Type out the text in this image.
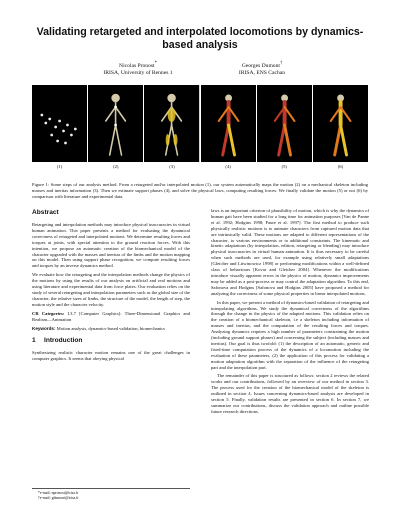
Validating retargeted and interpolated locomotions by dynamics-based analysis
Nicolas Pronost*
IRISA, University of Rennes 1
Georges Dumont†
IRISA, ENS Cachan
(1)	(2)	(3)	(4)	(5)	(6)
Figure 1: Some steps of our analysis method. From a retargeted and/or interpolated motion (1), our system automatically maps the motion (2) on a mechanical skeleton including masses and inertias information (3). Then we estimate support phases (4), and solve the physical laws, computing resulting forces. We finally validate the motion (5) or not (6) by comparison with literature and experimental data.
Abstract

Retargeting and interpolation methods may introduce physical inaccuracies in virtual human animation. This paper presents a method for evaluating the dynamical correctness of retargeted and interpolated motions. We determine resulting forces and torques at joints, with special attention to the ground reaction forces. With this intention, we propose an automatic creation of the biomechanical model of the character upgraded with the masses and inertias of the limbs and the motion mapping on this model. Then using support phase recognition, we compute resulting forces and torques by an inverse dynamics method.

We evaluate how the retargeting and the interpolation methods change the physics of the motions by using the results of our analysis on artificial and real motions and using literature and experimental data from force plates. Our evaluation relies on the study of several retargeting and interpolation parameters such as the global size of the character, the relative sizes of limbs, the structure of the model, the length of step, the motion style and the character velocity.

CR Categories: I.3.7 [Computer Graphics]: Three-Dimensional Graphics and Realism—Animation

Keywords: Motion analysis, dynamics-based validation, biomechanics

1 Introduction

Synthesizing realistic character motion remains one of the great challenges in computer graphics. It seems that obeying physical

*e-mail: npronost@irisa.fr
†e-mail: gdumont@irisa.fr

laws is an important criterion of plausibility of motion, which is why the dynamics of human gait have been studied for a long time for animation purposes [Van de Panne et al. 1992; Hodgins 1998; Faure et al. 1997]. The first method to produce such physically realistic motions is to animate characters from captured motion data that are intrinsically valid. These motions are adapted to different representations of the character, to various environments or to additional constraints. The kinematic and kinetic adaptations (by interpolation, edition, retargeting or blending) may introduce physical inaccuracies in virtual human animation. It is thus necessary to be careful when such methods are used, for example using relatively small adaptations [Gleicher and Litwinowicz 1998] or performing modifications within a well-defined class of behaviours [Kovar and Gleicher 2004]. Whenever the modifications introduce visually apparent errors in the physics of motion, dynamics improvements may be added as a post-process or may control the adaptation algorithm. To this end, Safonova and Hodgins [Safonova and Hodgins 2005] have proposed a method for analyzing the correctness of some physical properties in linear interpolated motions.

In this paper, we present a method of dynamics-based validation of retargeting and interpolating algorithms. We study the dynamical correctness of the algorithms through the change in the physics of the adapted motions. This validation relies on the creation of a biomechanical skeleton, i.e a skeleton including information of masses and inertias, and the computation of the resulting forces and torques. Analyzing dynamics requires a high number of parameters constraining the motion (including ground support phases) and concerning the subject (including masses and inertias). Our goal is thus twofold: (1) the description of an automatic, generic and fixed-time computation process of the dynamics of a locomotion including the evaluation of these parameters, (2) the application of this process for validating a motion adaptation algorithm with the separation of the influence of the retargeting part and the interpolation part.

The remainder of this paper is structured as follows: section 2 reviews the related works and our contributions, followed by an overview of our method in section 3. The process used for the creation of the biomechanical model of the skeleton is outlined in section 4. Issues concerning dynamics-based analysis are developed in section 5. Finally, validation results are presented in section 6. In section 7, we summarize our contributions, discuss the validation approach and outline possible future research directions.
